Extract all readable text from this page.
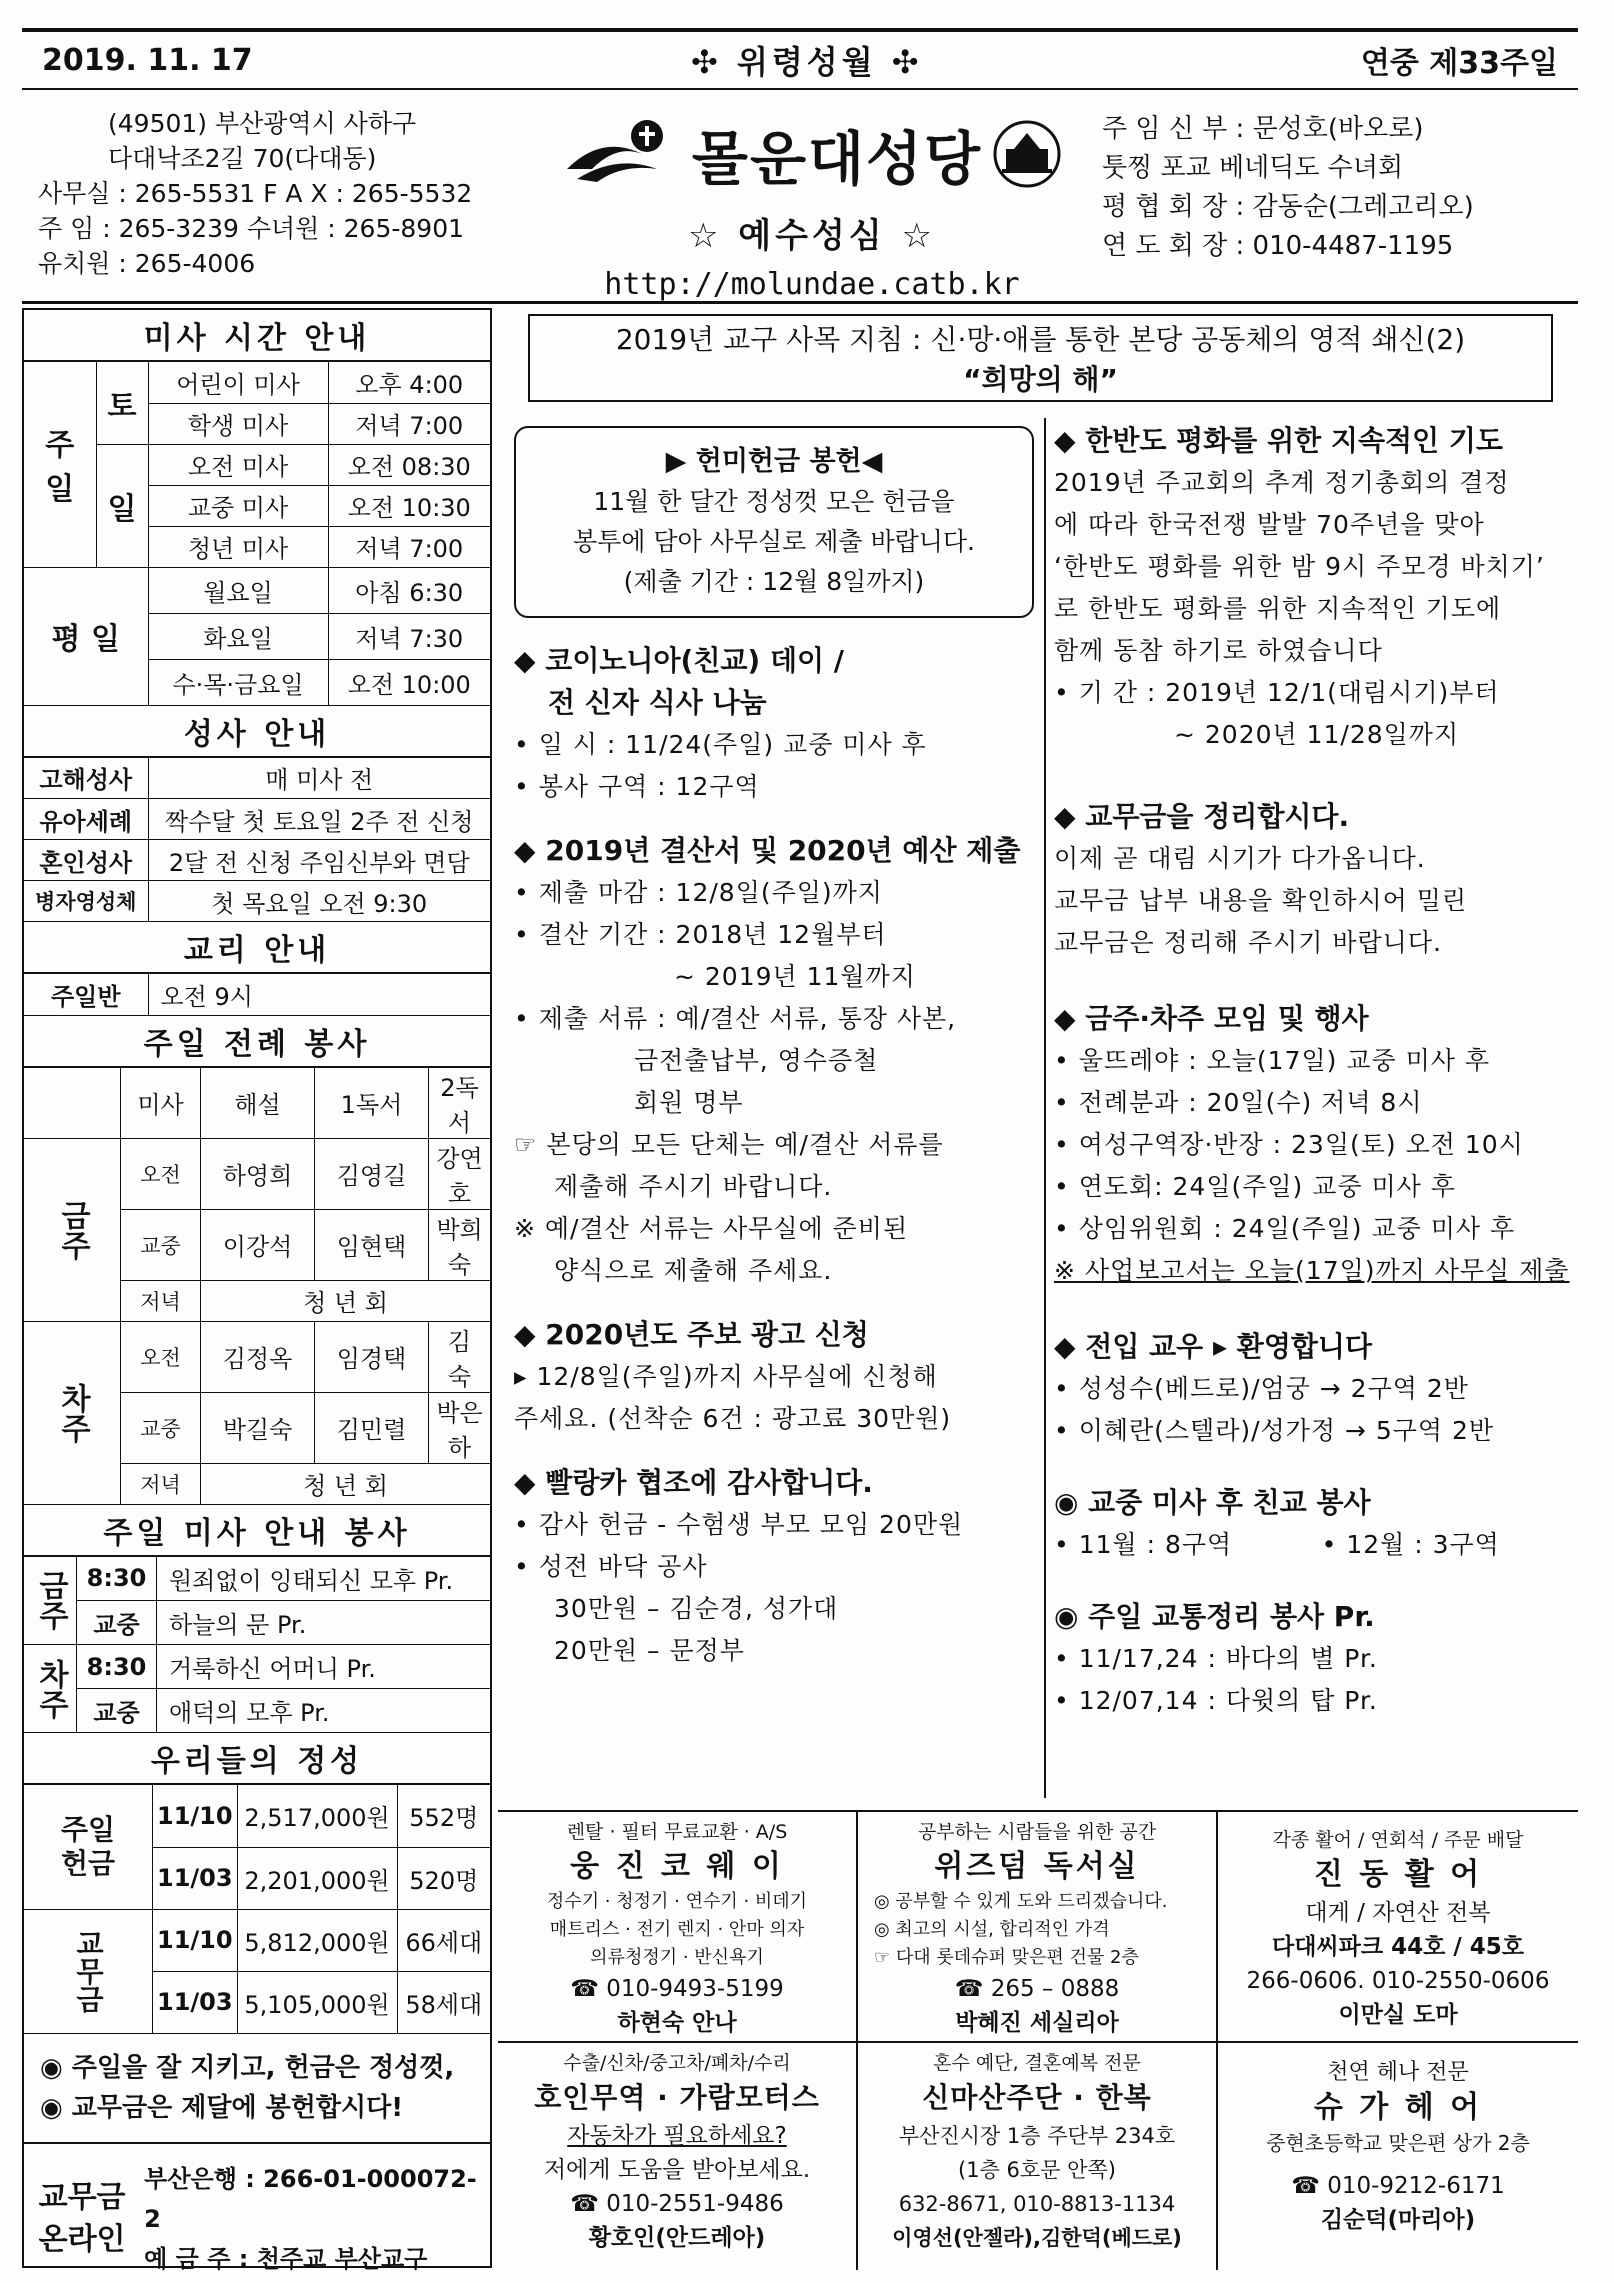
2019. 11. 17	✣ 위령성월 ✣	연중 제33주일
(49501) 부산광역시 사하구
다대낙조2길 70(다대동)
사무실 : 265-5531 F A X : 265-5532
주 임 : 265-3239 수녀원 : 265-8901
유치원 : 265-4006
몰운대성당
☆ 예수성심 ☆
http://molundae.catb.kr
주 임 신 부 : 문성호(바오로)
툿찡 포교 베네딕도 수녀회
평 협 회 장 : 감동순(그레고리오)
연 도 회 장 : 010-4487-1195
미사 시간 안내
주 일	토	어린이 미사	오후 4:00
		학생 미사	저녁 7:00
	일	오전 미사	오전 08:30
		교중 미사	오전 10:30
		청년 미사	저녁 7:00
평 일		월요일	아침 6:30
		화요일	저녁 7:30
		수·목·금요일	오전 10:00
성사 안내
고해성사	매 미사 전
유아세례	짝수달 첫 토요일 2주 전 신청
혼인성사	2달 전 신청 주임신부와 면담
병자영성체	첫 목요일 오전 9:30
교리 안내
주일반	오전 9시
주일 전례 봉사
	미사	해설	1독서	2독서
금주	오전	하영희	김영길	강연호
	교중	이강석	임현택	박희숙
	저녁	청 년 회		
차주	오전	김정옥	임경택	김 숙
	교중	박길숙	김민렬	박은하
	저녁	청 년 회		
주일 미사 안내 봉사
금주	8:30	원죄없이 잉태되신 모후 Pr.
	교중	하늘의 문 Pr.
차주	8:30	거룩하신 어머니 Pr.
	교중	애덕의 모후 Pr.
우리들의 정성
주일
헌금	11/10	2,517,000원	552명
	11/03	2,201,000원	520명
교무금	11/10	5,812,000원	66세대
	11/03	5,105,000원	58세대
◉ 주일을 잘 지키고, 헌금은 정성껏,
◉ 교무금은 제달에 봉헌합시다!
교무금
온라인
부산은행 : 266-01-000072-2
예 금 주 : 천주교 부산교구
2019년 교구 사목 지침 : 신·망·애를 통한 본당 공동체의 영적 쇄신(2)
“희망의 해”
▶ 헌미헌금 봉헌◀
11월 한 달간 정성껏 모은 헌금을
봉투에 담아 사무실로 제출 바랍니다.
(제출 기간 : 12월 8일까지)
◆ 코이노니아(친교) 데이 /
전 신자 식사 나눔
• 일 시 : 11/24(주일) 교중 미사 후
• 봉사 구역 : 12구역
◆ 2019년 결산서 및 2020년 예산 제출
• 제출 마감 : 12/8일(주일)까지
• 결산 기간 : 2018년 12월부터
~ 2019년 11월까지
• 제출 서류 : 예/결산 서류, 통장 사본,
금전출납부, 영수증철
회원 명부
☞ 본당의 모든 단체는 예/결산 서류를
제출해 주시기 바랍니다.
※ 예/결산 서류는 사무실에 준비된
양식으로 제출해 주세요.
◆ 2020년도 주보 광고 신청
▸ 12/8일(주일)까지 사무실에 신청해
주세요. (선착순 6건 : 광고료 30만원)
◆ 빨랑카 협조에 감사합니다.
• 감사 헌금 - 수험생 부모 모임 20만원
• 성전 바닥 공사
30만원 – 김순경, 성가대
20만원 – 문정부
◆ 한반도 평화를 위한 지속적인 기도
2019년 주교회의 추계 정기총회의 결정
에 따라 한국전쟁 발발 70주년을 맞아
‘한반도 평화를 위한 밤 9시 주모경 바치기’
로 한반도 평화를 위한 지속적인 기도에
함께 동참 하기로 하였습니다
• 기 간 : 2019년 12/1(대림시기)부터
~ 2020년 11/28일까지
◆ 교무금을 정리합시다.
이제 곧 대림 시기가 다가옵니다.
교무금 납부 내용을 확인하시어 밀린
교무금은 정리해 주시기 바랍니다.
◆ 금주·차주 모임 및 행사
• 울뜨레야 : 오늘(17일) 교중 미사 후
• 전례분과 : 20일(수) 저녁 8시
• 여성구역장·반장 : 23일(토) 오전 10시
• 연도회: 24일(주일) 교중 미사 후
• 상임위원회 : 24일(주일) 교중 미사 후
※ 사업보고서는 오늘(17일)까지 사무실 제출
◆ 전입 교우 ▸ 환영합니다
• 성성수(베드로)/엄궁 → 2구역 2반
• 이혜란(스텔라)/성가정 → 5구역 2반
◉ 교중 미사 후 친교 봉사
• 11월 : 8구역          • 12월 : 3구역
◉ 주일 교통정리 봉사 Pr.
• 11/17,24 : 바다의 별 Pr.
• 12/07,14 : 다윗의 탑 Pr.
렌탈 · 필터 무료교환 · A/S
웅 진 코 웨 이
정수기 · 청정기 · 연수기 · 비데기
매트리스 · 전기 렌지 · 안마 의자
의류청정기 · 반신욕기
☎ 010-9493-5199
하현숙 안나
공부하는 시람들을 위한 공간
위즈덤 독서실
◎ 공부할 수 있게 도와 드리겠습니다.
◎ 최고의 시설, 합리적인 가격
☞ 다대 롯데슈퍼 맞은편 건물 2층
☎ 265 – 0888
박혜진 세실리아
각종 활어 / 연회석 / 주문 배달
진 동 활 어
대게 / 자연산 전복
다대씨파크 44호 / 45호
266-0606. 010-2550-0606
이만실 도마
수출/신차/중고차/폐차/수리
호인무역 · 가람모터스
자동차가 필요하세요?
저에게 도움을 받아보세요.
☎ 010-2551-9486
황호인(안드레아)
혼수 예단, 결혼예복 전문
신마산주단 · 한복
부산진시장 1층 주단부 234호
(1층 6호문 안쪽)
632-8671, 010-8813-1134
이영선(안젤라),김한덕(베드로)
천연 헤나 전문
슈 가 헤 어
중현초등학교 맞은편 상가 2층
☎ 010-9212-6171
김순덕(마리아)
